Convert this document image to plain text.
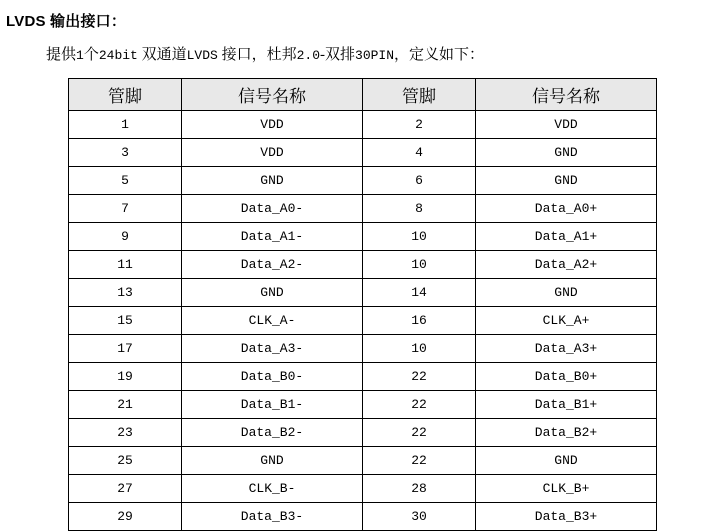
LVDS 输出接口：
提供1个24bit 双通道LVDS 接口，杜邦2.0-双排30PIN，定义如下：
管脚	信号名称	管脚	信号名称
1	VDD	2	VDD
3	VDD	4	GND
5	GND	6	GND
7	Data_A0-	8	Data_A0+
9	Data_A1-	10	Data_A1+
11	Data_A2-	10	Data_A2+
13	GND	14	GND
15	CLK_A-	16	CLK_A+
17	Data_A3-	10	Data_A3+
19	Data_B0-	22	Data_B0+
21	Data_B1-	22	Data_B1+
23	Data_B2-	22	Data_B2+
25	GND	22	GND
27	CLK_B-	28	CLK_B+
29	Data_B3-	30	Data_B3+
